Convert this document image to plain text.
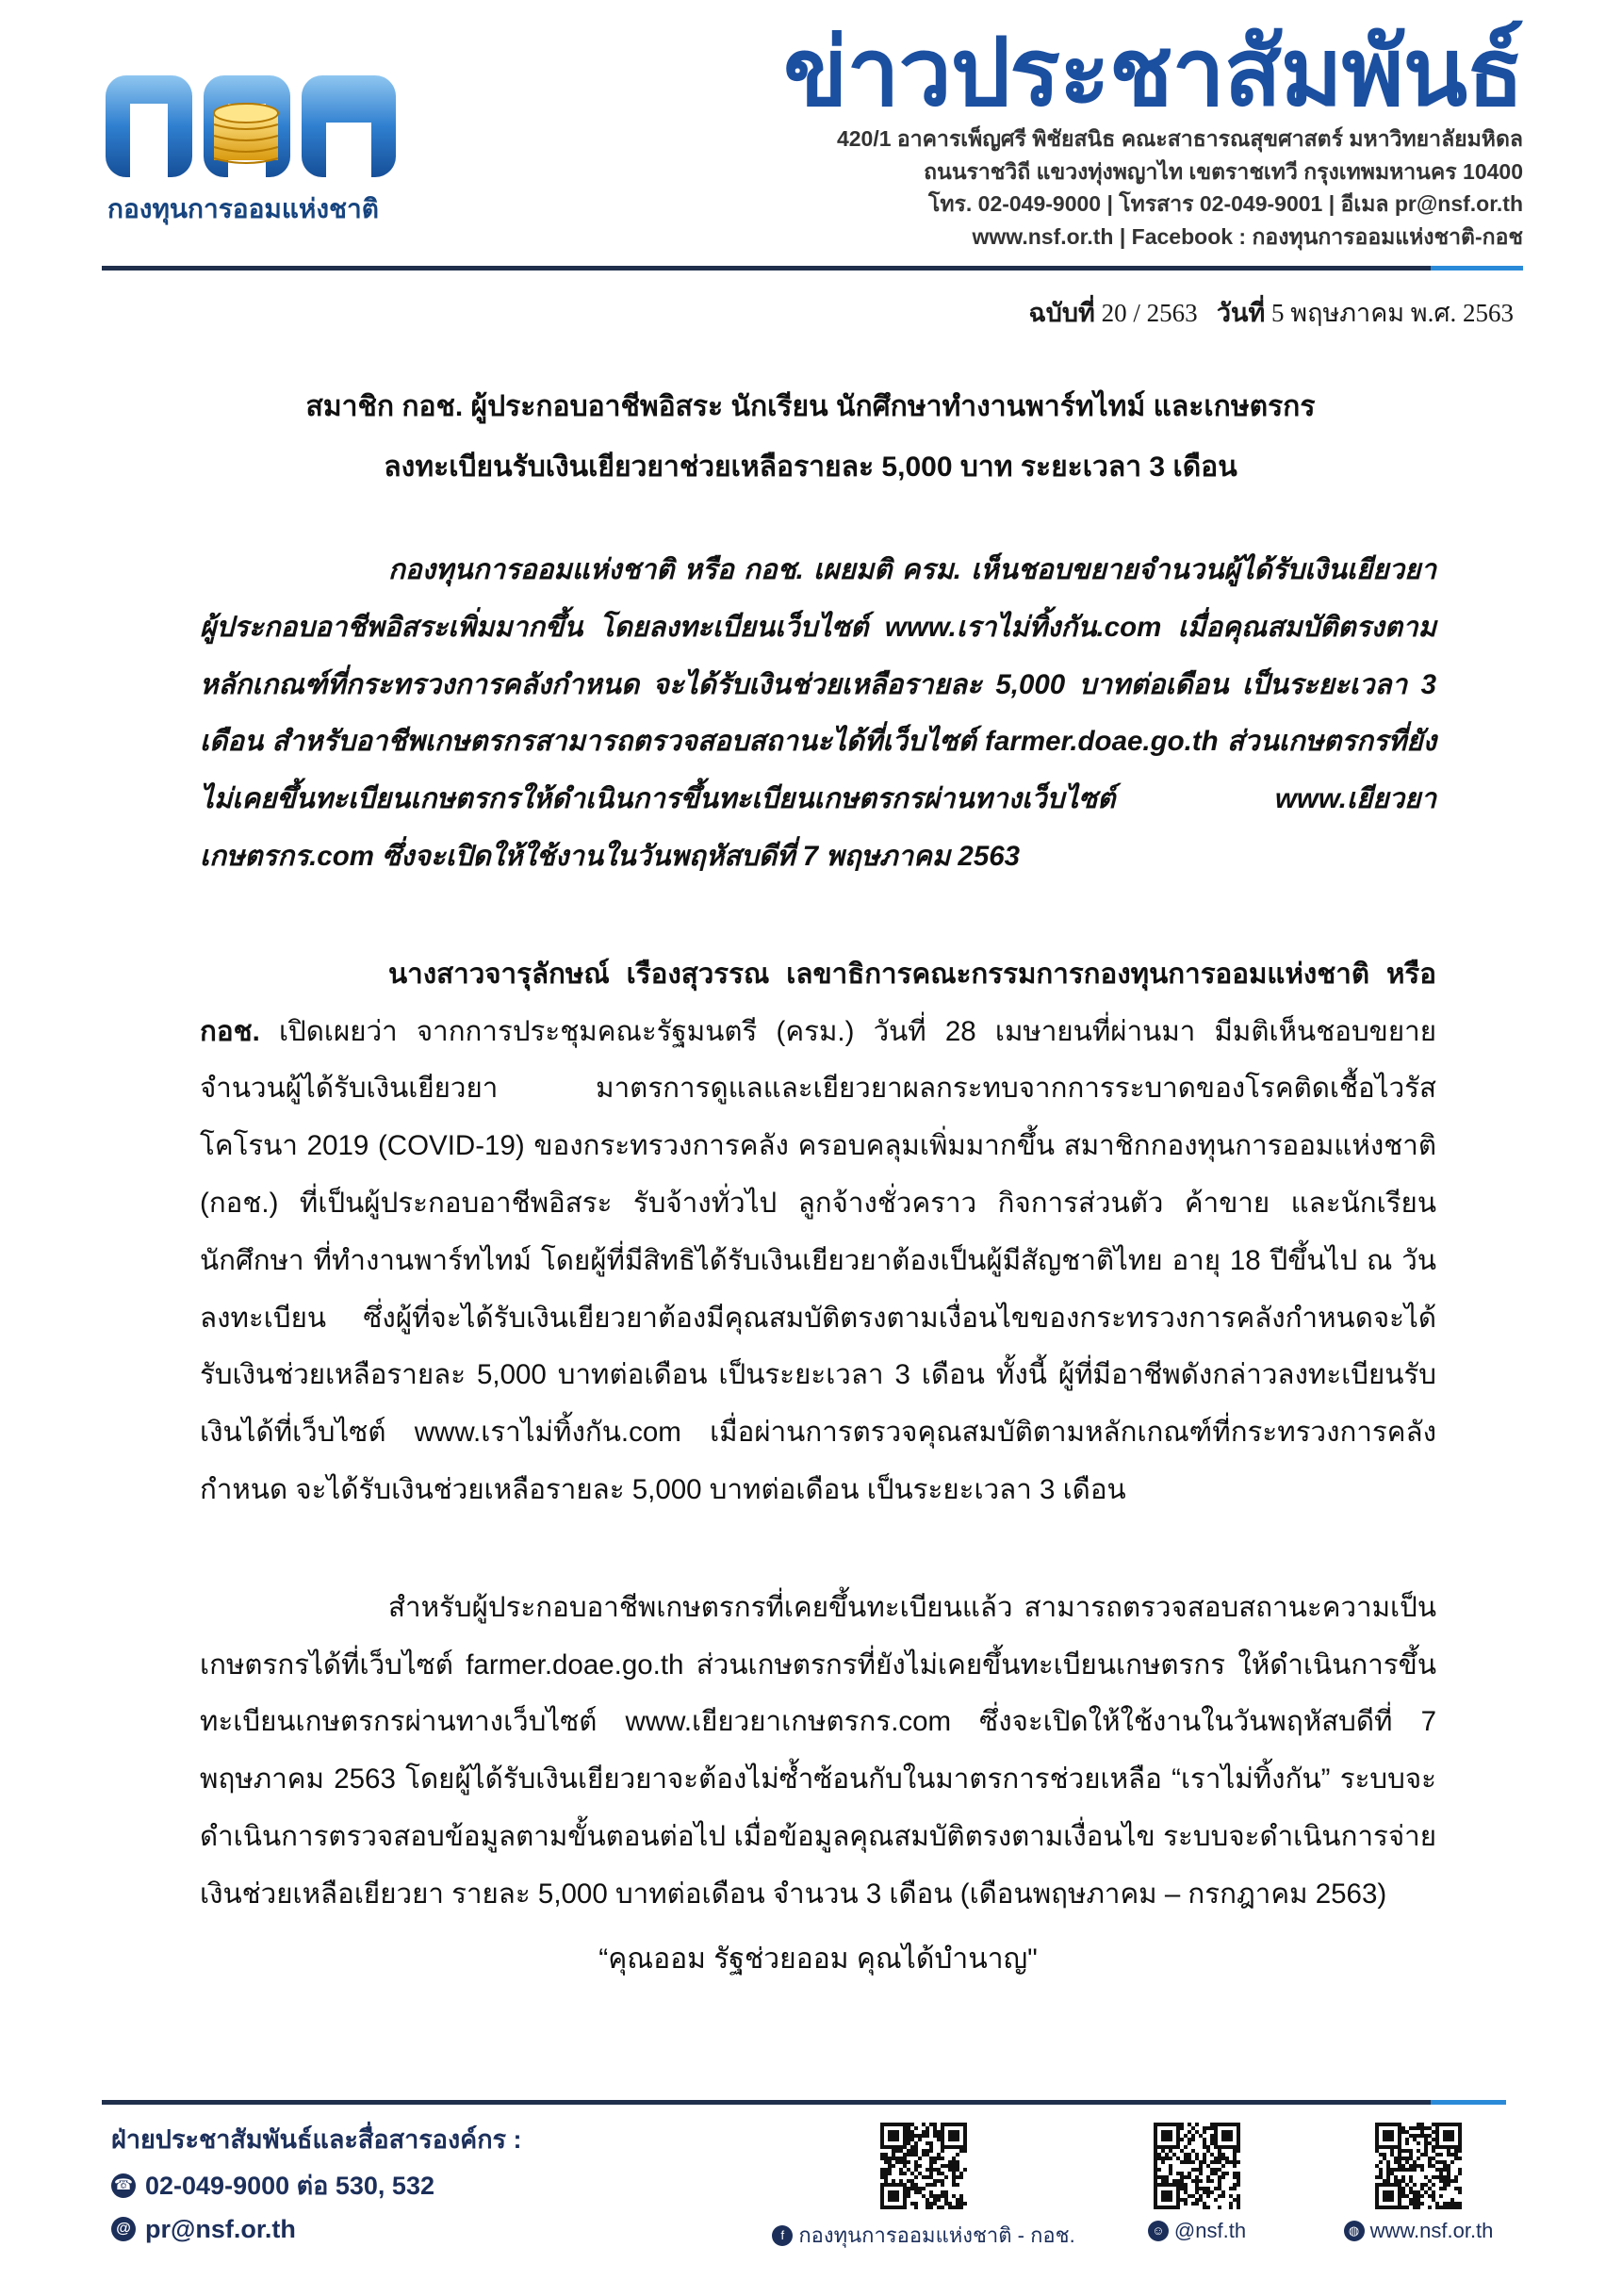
กองทุนการออมแห่งชาติ
ข่าวประชาสัมพันธ์
420/1 อาคารเพ็ญศรี พิชัยสนิธ คณะสาธารณสุขศาสตร์ มหาวิทยาลัยมหิดล
ถนนราชวิถี แขวงทุ่งพญาไท เขตราชเทวี กรุงเทพมหานคร 10400
โทร. 02-049-9000 | โทรสาร 02-049-9001 | อีเมล pr@nsf.or.th
www.nsf.or.th | Facebook : กองทุนการออมแห่งชาติ-กอช
ฉบับที่ 20 / 2563 วันที่ 5 พฤษภาคม พ.ศ. 2563
สมาชิก กอช. ผู้ประกอบอาชีพอิสระ นักเรียน นักศึกษาทำงานพาร์ทไทม์ และเกษตรกร
ลงทะเบียนรับเงินเยียวยาช่วยเหลือรายละ 5,000 บาท ระยะเวลา 3 เดือน

กองทุนการออมแห่งชาติ หรือ กอช. เผยมติ ครม. เห็นชอบขยายจำนวนผู้ได้รับเงินเยียวยา ผู้ประกอบอาชีพอิสระเพิ่มมากขึ้น โดยลงทะเบียนเว็บไซต์ www.เราไม่ทิ้งกัน.com เมื่อคุณสมบัติตรงตามหลักเกณฑ์ที่กระทรวงการคลังกำหนด จะได้รับเงินช่วยเหลือรายละ 5,000 บาทต่อเดือน เป็นระยะเวลา 3 เดือน สำหรับอาชีพเกษตรกรสามารถตรวจสอบสถานะได้ที่เว็บไซต์ farmer.doae.go.th ส่วนเกษตรกรที่ยังไม่เคยขึ้นทะเบียนเกษตรกรให้ดำเนินการขึ้นทะเบียนเกษตรกรผ่านทางเว็บไซต์ www.เยียวยาเกษตรกร.com ซึ่งจะเปิดให้ใช้งานในวันพฤหัสบดีที่ 7 พฤษภาคม 2563

นางสาวจารุลักษณ์ เรืองสุวรรณ เลขาธิการคณะกรรมการกองทุนการออมแห่งชาติ หรือ กอช. เปิดเผยว่า จากการประชุมคณะรัฐมนตรี (ครม.) วันที่ 28 เมษายนที่ผ่านมา มีมติเห็นชอบขยายจำนวนผู้ได้รับเงินเยียวยา มาตรการดูแลและเยียวยาผลกระทบจากการระบาดของโรคติดเชื้อไวรัสโคโรนา 2019 (COVID-19) ของกระทรวงการคลัง ครอบคลุมเพิ่มมากขึ้น สมาชิกกองทุนการออมแห่งชาติ (กอช.) ที่เป็นผู้ประกอบอาชีพอิสระ รับจ้างทั่วไป ลูกจ้างชั่วคราว กิจการส่วนตัว ค้าขาย และนักเรียน นักศึกษา ที่ทำงานพาร์ทไทม์ โดยผู้ที่มีสิทธิได้รับเงินเยียวยาต้องเป็นผู้มีสัญชาติไทย อายุ 18 ปีขึ้นไป ณ วันลงทะเบียน ซึ่งผู้ที่จะได้รับเงินเยียวยาต้องมีคุณสมบัติตรงตามเงื่อนไขของกระทรวงการคลังกำหนดจะได้รับเงินช่วยเหลือรายละ 5,000 บาทต่อเดือน เป็นระยะเวลา 3 เดือน ทั้งนี้ ผู้ที่มีอาชีพดังกล่าวลงทะเบียนรับเงินได้ที่เว็บไซต์ www.เราไม่ทิ้งกัน.com เมื่อผ่านการตรวจคุณสมบัติตามหลักเกณฑ์ที่กระทรวงการคลังกำหนด จะได้รับเงินช่วยเหลือรายละ 5,000 บาทต่อเดือน เป็นระยะเวลา 3 เดือน

สำหรับผู้ประกอบอาชีพเกษตรกรที่เคยขึ้นทะเบียนแล้ว สามารถตรวจสอบสถานะความเป็นเกษตรกรได้ที่เว็บไซต์ farmer.doae.go.th ส่วนเกษตรกรที่ยังไม่เคยขึ้นทะเบียนเกษตรกร ให้ดำเนินการขึ้นทะเบียนเกษตรกรผ่านทางเว็บไซต์ www.เยียวยาเกษตรกร.com ซึ่งจะเปิดให้ใช้งานในวันพฤหัสบดีที่ 7 พฤษภาคม 2563 โดยผู้ได้รับเงินเยียวยาจะต้องไม่ซ้ำซ้อนกับในมาตรการช่วยเหลือ “เราไม่ทิ้งกัน” ระบบจะดำเนินการตรวจสอบข้อมูลตามขั้นตอนต่อไป เมื่อข้อมูลคุณสมบัติตรงตามเงื่อนไข ระบบจะดำเนินการจ่ายเงินช่วยเหลือเยียวยา รายละ 5,000 บาทต่อเดือน จำนวน 3 เดือน (เดือนพฤษภาคม – กรกฎาคม 2563)

“คุณออม รัฐช่วยออม คุณได้บำนาญ"
ฝ่ายประชาสัมพันธ์และสื่อสารองค์กร :
☎ 02-049-9000 ต่อ 530, 532
@ pr@nsf.or.th	f กองทุนการออมแห่งชาติ - กอช.	☺ @nsf.th	◍ www.nsf.or.th
